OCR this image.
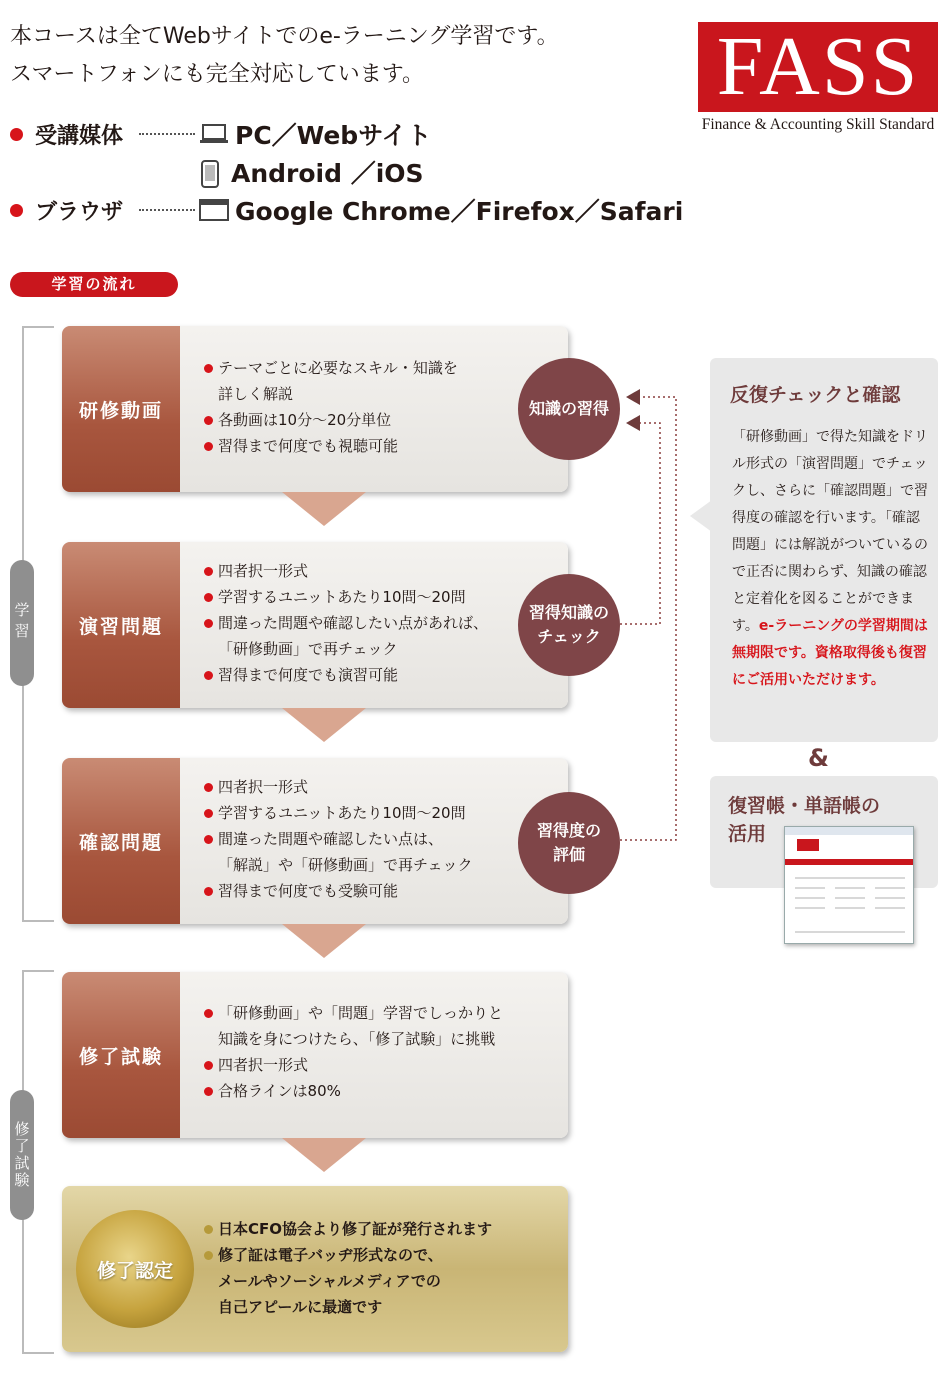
本コースは全てWebサイトでのe-ラーニング学習です。
スマートフォンにも完全対応しています。	FASS
Finance & Accounting Skill Standard
受講媒体	PC／Webサイト
Android ／iOS
ブラウザ	Google Chrome／Firefox／Safari
学習の流れ
学習
修了試験
研修動画
テーマごとに必要なスキル・知識を
詳しく解説
各動画は10分～20分単位
習得まで何度でも視聴可能
演習問題
四者択一形式
学習するユニットあたり10問～20問
間違った問題や確認したい点があれば、
「研修動画」で再チェック
習得まで何度でも演習可能
確認問題
四者択一形式
学習するユニットあたり10問～20問
間違った問題や確認したい点は、
「解説」や「研修動画」で再チェック
習得まで何度でも受験可能
修了試験
「研修動画」や「問題」学習でしっかりと
知識を身につけたら、「修了試験」に挑戦
四者択一形式
合格ラインは80%
日本CFO協会より修了証が発行されます
修了証は電子バッヂ形式なので、
メールやソーシャルメディアでの
自己アピールに最適です
修了認定
知識の習得
習得知識の
チェック
習得度の
評価
反復チェックと確認
「研修動画」で得た知識をドリル形式の「演習問題」でチェックし、さらに「確認問題」で習得度の確認を行います。「確認問題」には解説がついているので正否に関わらず、知識の確認と定着化を図ることができます。e-ラーニングの学習期間は無期限です。資格取得後も復習にご活用いただけます。
&
復習帳・単語帳の
活用
